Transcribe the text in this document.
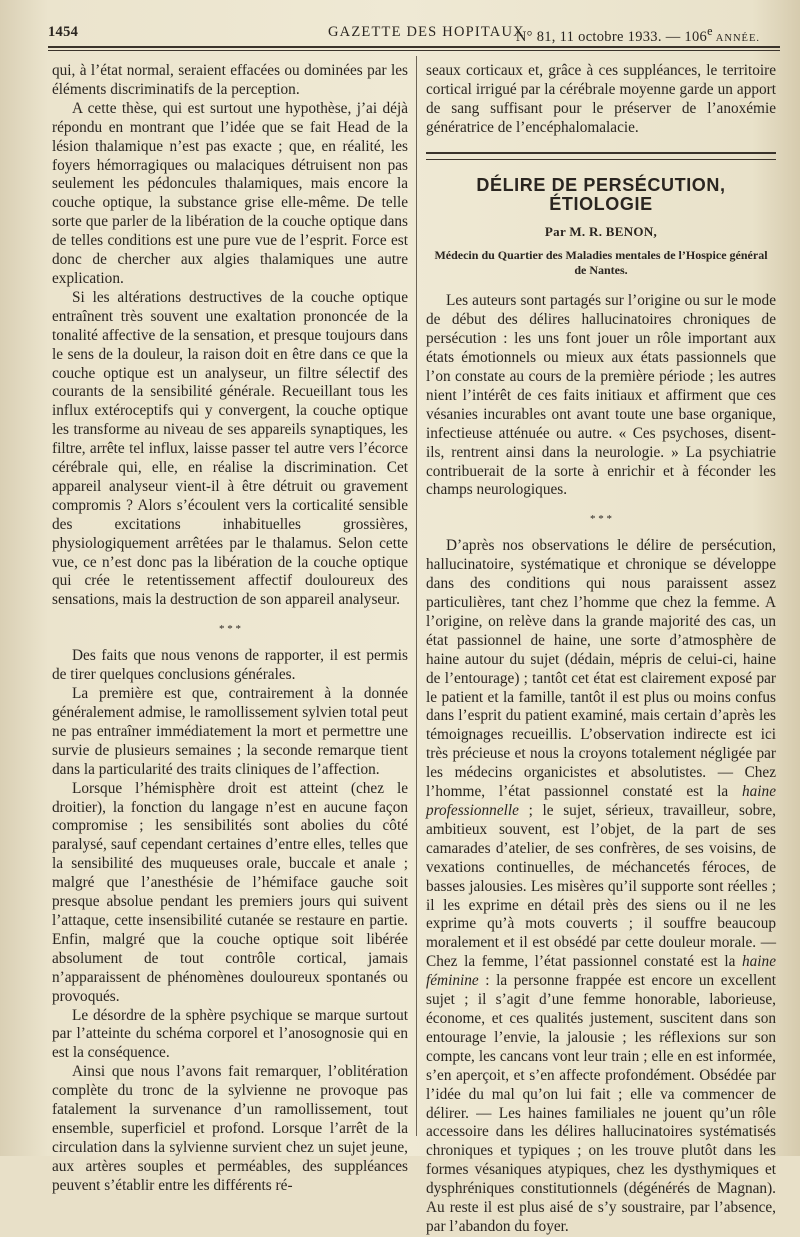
1454	GAZETTE DES HOPITAUX
N° 81, 11 octobre 1933. — 106e ANNÉE.

qui, à l’état normal, seraient effacées ou dominées par les éléments discriminatifs de la perception.

A cette thèse, qui est surtout une hypothèse, j’ai déjà répondu en montrant que l’idée que se fait Head de la lésion thalamique n’est pas exacte ; que, en réalité, les foyers hémorragiques ou malaciques détruisent non pas seulement les pédoncules thalamiques, mais encore la couche optique, la substance grise elle-même. De telle sorte que parler de la libération de la couche optique dans de telles conditions est une pure vue de l’esprit. Force est donc de chercher aux algies thalamiques une autre explication.

Si les altérations destructives de la couche optique entraînent très souvent une exaltation prononcée de la tonalité affective de la sensation, et presque toujours dans le sens de la douleur, la raison doit en être dans ce que la couche optique est un analyseur, un filtre sélectif des courants de la sensibilité générale. Recueillant tous les influx extéroceptifs qui y convergent, la couche optique les transforme au niveau de ses appareils synaptiques, les filtre, arrête tel influx, laisse passer tel autre vers l’écorce cérébrale qui, elle, en réalise la discrimination. Cet appareil analyseur vient-il à être détruit ou gravement compromis ? Alors s’écoulent vers la corticalité sensible des excitations inhabituelles grossières, physiologiquement arrêtées par le thalamus. Selon cette vue, ce n’est donc pas la libération de la couche optique qui crée le retentissement affectif douloureux des sensations, mais la destruction de son appareil analyseur.

* * *

Des faits que nous venons de rapporter, il est permis de tirer quelques conclusions générales.

La première est que, contrairement à la donnée généralement admise, le ramollissement sylvien total peut ne pas entraîner immédiatement la mort et permettre une survie de plusieurs semaines ; la seconde remarque tient dans la particularité des traits cliniques de l’affection.

Lorsque l’hémisphère droit est atteint (chez le droitier), la fonction du langage n’est en aucune façon compromise ; les sensibilités sont abolies du côté paralysé, sauf cependant certaines d’entre elles, telles que la sensibilité des muqueuses orale, buccale et anale ; malgré que l’anesthésie de l’hémiface gauche soit presque absolue pendant les premiers jours qui suivent l’attaque, cette insensibilité cutanée se restaure en partie. Enfin, malgré que la couche optique soit libérée absolument de tout contrôle cortical, jamais n’apparaissent de phénomènes douloureux spontanés ou provoqués.

Le désordre de la sphère psychique se marque surtout par l’atteinte du schéma corporel et l’anosognosie qui en est la conséquence.

Ainsi que nous l’avons fait remarquer, l’oblitération complète du tronc de la sylvienne ne provoque pas fatalement la survenance d’un ramollissement, tout ensemble, superficiel et profond. Lorsque l’arrêt de la circulation dans la sylvienne survient chez un sujet jeune, aux artères souples et perméables, des suppléances peuvent s’établir entre les différents ré-

seaux corticaux et, grâce à ces suppléances, le territoire cortical irrigué par la cérébrale moyenne garde un apport de sang suffisant pour le préserver de l’anoxémie génératrice de l’encéphalomalacie.

DÉLIRE DE PERSÉCUTION, ÉTIOLOGIE
Par M. R. BENON,
Médecin du Quartier des Maladies mentales de l’Hospice général de Nantes.

Les auteurs sont partagés sur l’origine ou sur le mode de début des délires hallucinatoires chroniques de persécution : les uns font jouer un rôle important aux états émotionnels ou mieux aux états passionnels que l’on constate au cours de la première période ; les autres nient l’intérêt de ces faits initiaux et affirment que ces vésanies incurables ont avant toute une base organique, infectieuse atténuée ou autre. « Ces psychoses, disent-ils, rentrent ainsi dans la neurologie. » La psychiatrie contribuerait de la sorte à enrichir et à féconder les champs neurologiques.

* * *

D’après nos observations le délire de persécution, hallucinatoire, systématique et chronique se développe dans des conditions qui nous paraissent assez particulières, tant chez l’homme que chez la femme. A l’origine, on relève dans la grande majorité des cas, un état passionnel de haine, une sorte d’atmosphère de haine autour du sujet (dédain, mépris de celui-ci, haine de l’entourage) ; tantôt cet état est clairement exposé par le patient et la famille, tantôt il est plus ou moins confus dans l’esprit du patient examiné, mais certain d’après les témoignages recueillis. L’observation indirecte est ici très précieuse et nous la croyons totalement négligée par les médecins organicistes et absolutistes. — Chez l’homme, l’état passionnel constaté est la haine professionnelle ; le sujet, sérieux, travailleur, sobre, ambitieux souvent, est l’objet, de la part de ses camarades d’atelier, de ses confrères, de ses voisins, de vexations continuelles, de méchancetés féroces, de basses jalousies. Les misères qu’il supporte sont réelles ; il les exprime en détail près des siens ou il ne les exprime qu’à mots couverts ; il souffre beaucoup moralement et il est obsédé par cette douleur morale. — Chez la femme, l’état passionnel constaté est la haine féminine : la personne frappée est encore un excellent sujet ; il s’agit d’une femme honorable, laborieuse, économe, et ces qualités justement, suscitent dans son entourage l’envie, la jalousie ; les réflexions sur son compte, les cancans vont leur train ; elle en est informée, s’en aperçoit, et s’en affecte profondément. Obsédée par l’idée du mal qu’on lui fait ; elle va commencer de délirer. — Les haines familiales ne jouent qu’un rôle accessoire dans les délires hallucinatoires systématisés chroniques et typiques ; on les trouve plutôt dans les formes vésaniques atypiques, chez les dysthymiques et dysphréniques constitutionnels (dégénérés de Magnan). Au reste il est plus aisé de s’y soustraire, par l’absence, par l’abandon du foyer.
